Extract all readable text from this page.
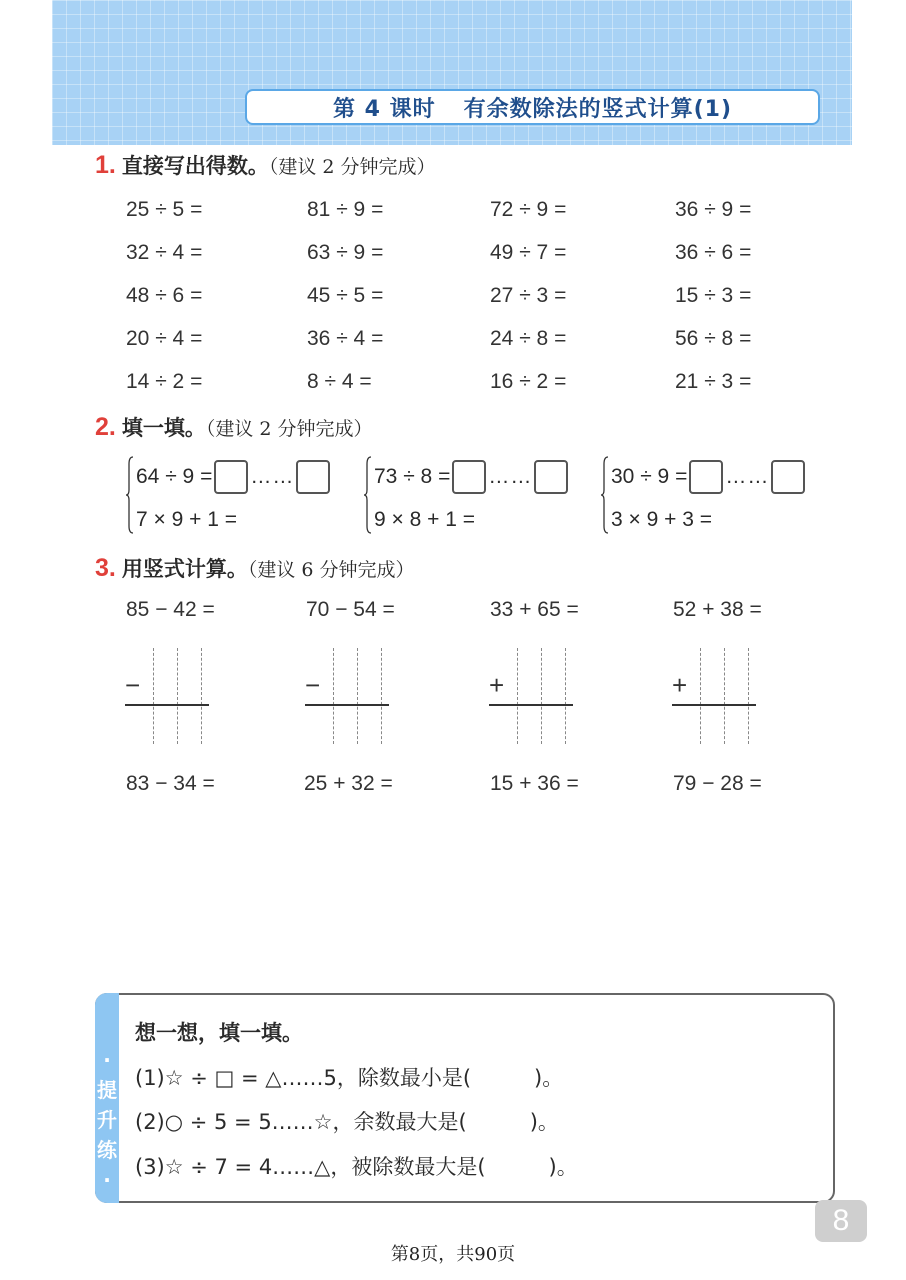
第 4 课时 有余数除法的竖式计算(1)
1. 直接写出得数。（建议 2 分钟完成）
25 ÷ 5 =	81 ÷ 9 =	72 ÷ 9 =	36 ÷ 9 =
32 ÷ 4 =	63 ÷ 9 =	49 ÷ 7 =	36 ÷ 6 =
48 ÷ 6 =	45 ÷ 5 =	27 ÷ 3 =	15 ÷ 3 =
20 ÷ 4 =	36 ÷ 4 =	24 ÷ 8 =	56 ÷ 8 =
14 ÷ 2 =	8 ÷ 4 =	16 ÷ 2 =	21 ÷ 3 =
2. 填一填。（建议 2 分钟完成）
64 ÷ 9 = ……
7 × 9 + 1 =
73 ÷ 8 = ……
9 × 8 + 1 =
30 ÷ 9 = ……
3 × 9 + 3 =
3. 用竖式计算。（建议 6 分钟完成）
85 − 42 =	70 − 54 =	33 + 65 =	52 + 38 =
−	−	+	+
83 − 34 =	25 + 32 =	15 + 36 =	79 − 28 =
·提升练·
想一想，填一填。
(1)☆ ÷ □ = △……5，除数最小是(　　　)。
(2)○ ÷ 5 = 5……☆，余数最大是(　　　)。
(3)☆ ÷ 7 = 4……△，被除数最大是(　　　)。
8
第8页，共90页
